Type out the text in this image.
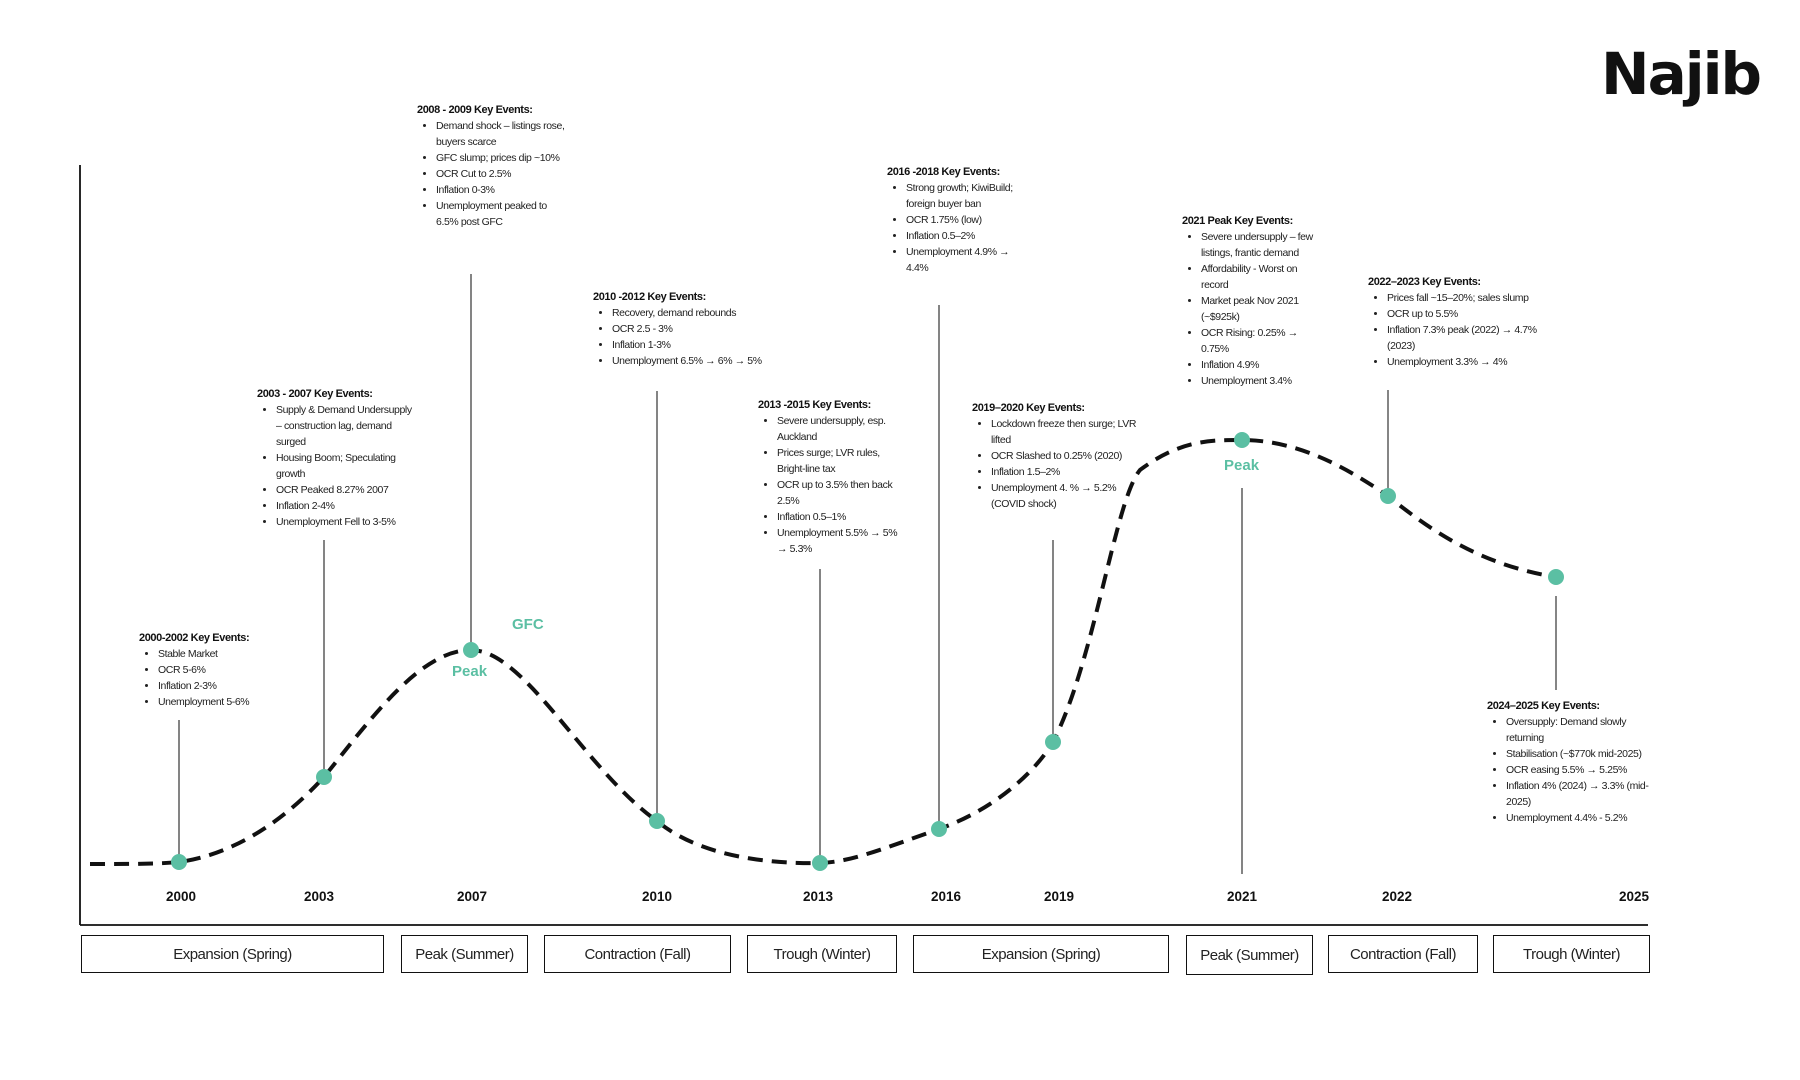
Najib
GFC
Peak
Peak
2000	2003	2007	2010	2013	2016	2019	2021	2022	2025
2000-2002 Key Events:
• Stable Market
• OCR 5-6%
• Inflation 2-3%
• Unemployment 5-6%
2003 - 2007 Key Events:
• Supply & Demand Undersupply – construction lag, demand surged
• Housing Boom; Speculating growth
• OCR Peaked 8.27% 2007
• Inflation 2-4%
• Unemployment Fell to 3-5%
2008 - 2009 Key Events:
• Demand shock – listings rose, buyers scarce
• GFC slump; prices dip ~10%
• OCR Cut to 2.5%
• Inflation 0-3%
• Unemployment peaked to 6.5% post GFC
2010 -2012 Key Events:
• Recovery, demand rebounds
• OCR 2.5 - 3%
• Inflation 1-3%
• Unemployment 6.5% → 6% → 5%
2013 -2015 Key Events:
• Severe undersupply, esp. Auckland
• Prices surge; LVR rules, Bright-line tax
• OCR up to 3.5% then back 2.5%
• Inflation 0.5–1%
• Unemployment 5.5% → 5% → 5.3%
2016 -2018 Key Events:
• Strong growth; KiwiBuild; foreign buyer ban
• OCR 1.75% (low)
• Inflation 0.5–2%
• Unemployment 4.9% → 4.4%
2019–2020 Key Events:
• Lockdown freeze then surge; LVR lifted
• OCR Slashed to 0.25% (2020)
• Inflation 1.5–2%
• Unemployment 4. % → 5.2% (COVID shock)
2021 Peak Key Events:
• Severe undersupply – few listings, frantic demand
• Affordability - Worst on record
• Market peak Nov 2021 (~$925k)
• OCR Rising: 0.25% → 0.75%
• Inflation 4.9%
• Unemployment 3.4%
2022–2023 Key Events:
• Prices fall ~15–20%; sales slump
• OCR up to 5.5%
• Inflation 7.3% peak (2022) → 4.7% (2023)
• Unemployment 3.3% → 4%
2024–2025 Key Events:
• Oversupply: Demand slowly returning
• Stabilisation (~$770k mid-2025)
• OCR easing 5.5% → 5.25%
• Inflation 4% (2024) → 3.3% (mid-2025)
• Unemployment 4.4% - 5.2%
Expansion (Spring)	Peak (Summer)	Contraction (Fall)	Trough (Winter)	Expansion (Spring)	Peak (Summer)	Contraction (Fall)	Trough (Winter)
